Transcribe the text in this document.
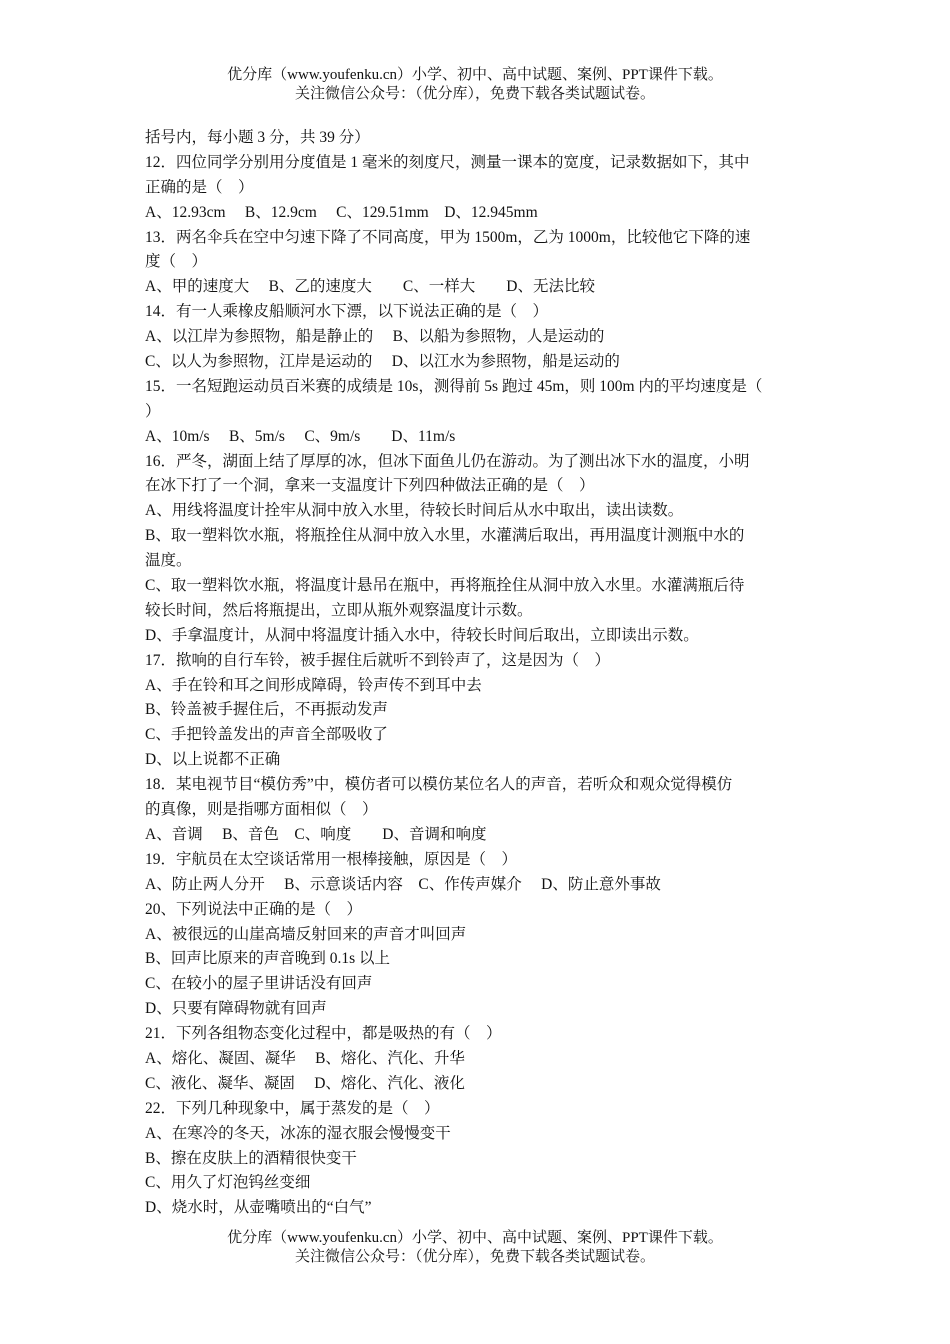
优分库（www.youfenku.cn）小学、初中、高中试题、案例、PPT课件下载。
关注微信公众号：（优分库），免费下载各类试题试卷。
括号内，每小题 3 分，共 39 分）
12．四位同学分别用分度值是 1 毫米的刻度尺，测量一课本的宽度，记录数据如下，其中
正确的是（　）
A、12.93cm　 B、12.9cm　 C、129.51mm　D、12.945mm
13．两名伞兵在空中匀速下降了不同高度，甲为 1500m，乙为 1000m，比较他它下降的速
度（　）
A、甲的速度大　 B、乙的速度大　　C、一样大　　D、无法比较
14．有一人乘橡皮船顺河水下漂，以下说法正确的是（　）
A、以江岸为参照物，船是静止的　 B、以船为参照物，人是运动的
C、以人为参照物，江岸是运动的　 D、以江水为参照物，船是运动的
15．一名短跑运动员百米赛的成绩是 10s，测得前 5s 跑过 45m，则 100m 内的平均速度是（
）
A、10m/s　 B、5m/s　 C、9m/s　　D、11m/s
16．严冬，湖面上结了厚厚的冰，但冰下面鱼儿仍在游动。为了测出冰下水的温度，小明
在冰下打了一个洞，拿来一支温度计下列四种做法正确的是（　）
A、用线将温度计拴牢从洞中放入水里，待较长时间后从水中取出，读出读数。
B、取一塑料饮水瓶，将瓶拴住从洞中放入水里，水灌满后取出，再用温度计测瓶中水的
温度。
C、取一塑料饮水瓶，将温度计悬吊在瓶中，再将瓶拴住从洞中放入水里。水灌满瓶后待
较长时间，然后将瓶提出，立即从瓶外观察温度计示数。
D、手拿温度计，从洞中将温度计插入水中，待较长时间后取出，立即读出示数。
17．揿响的自行车铃，被手握住后就听不到铃声了，这是因为（　）
A、手在铃和耳之间形成障碍，铃声传不到耳中去
B、铃盖被手握住后，不再振动发声
C、手把铃盖发出的声音全部吸收了
D、以上说都不正确
18．某电视节目“模仿秀”中，模仿者可以模仿某位名人的声音，若听众和观众觉得模仿
的真像，则是指哪方面相似（　）
A、音调　 B、音色　C、响度　　D、音调和响度
19．宇航员在太空谈话常用一根棒接触，原因是（　）
A、防止两人分开　 B、示意谈话内容　C、作传声媒介　 D、防止意外事故
20、下列说法中正确的是（　）
A、被很远的山崖高墙反射回来的声音才叫回声
B、回声比原来的声音晚到 0.1s 以上
C、在较小的屋子里讲话没有回声
D、只要有障碍物就有回声
21．下列各组物态变化过程中，都是吸热的有（　）
A、熔化、凝固、凝华　 B、熔化、汽化、升华
C、液化、凝华、凝固　 D、熔化、汽化、液化
22．下列几种现象中，属于蒸发的是（　）
A、在寒冷的冬天，冰冻的湿衣服会慢慢变干
B、擦在皮肤上的酒精很快变干
C、用久了灯泡钨丝变细
D、烧水时，从壶嘴喷出的“白气”
优分库（www.youfenku.cn）小学、初中、高中试题、案例、PPT课件下载。
关注微信公众号：（优分库），免费下载各类试题试卷。
